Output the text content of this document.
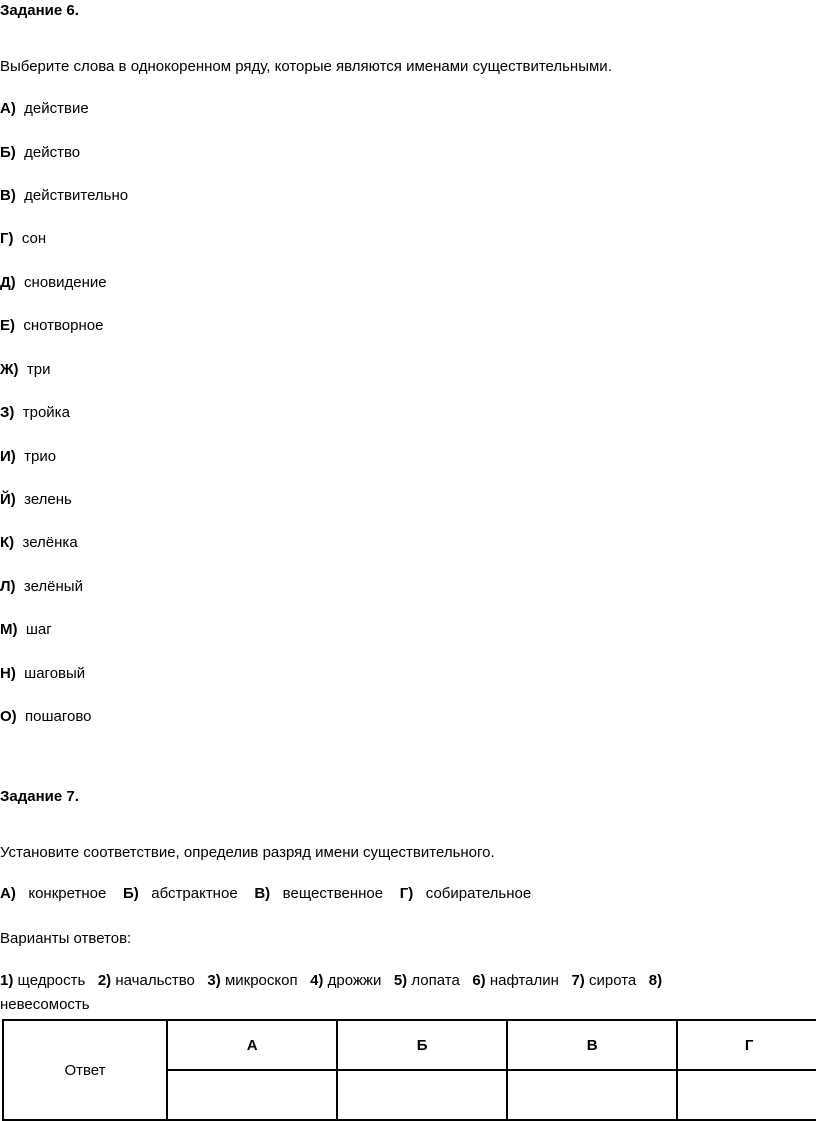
Задание 6.
Выберите слова в однокоренном ряду, которые являются именами существительными.
А) действие
Б) действо
В) действительно
Г) сон
Д) сновидение
Е) снотворное
Ж) три
З) тройка
И) трио
Й) зелень
К) зелёнка
Л) зелёный
М) шаг
Н) шаговый
О) пошагово
Задание 7.
Установите соответствие, определив разряд имени существительного.
А) конкретное Б) абстрактное В) вещественное Г) собирательное
Варианты ответов:
1) щедрость 2) начальство 3) микроскоп 4) дрожжи 5) лопата 6) нафталин 7) сирота 8)
невесомость
Ответ	А	Б	В	Г
